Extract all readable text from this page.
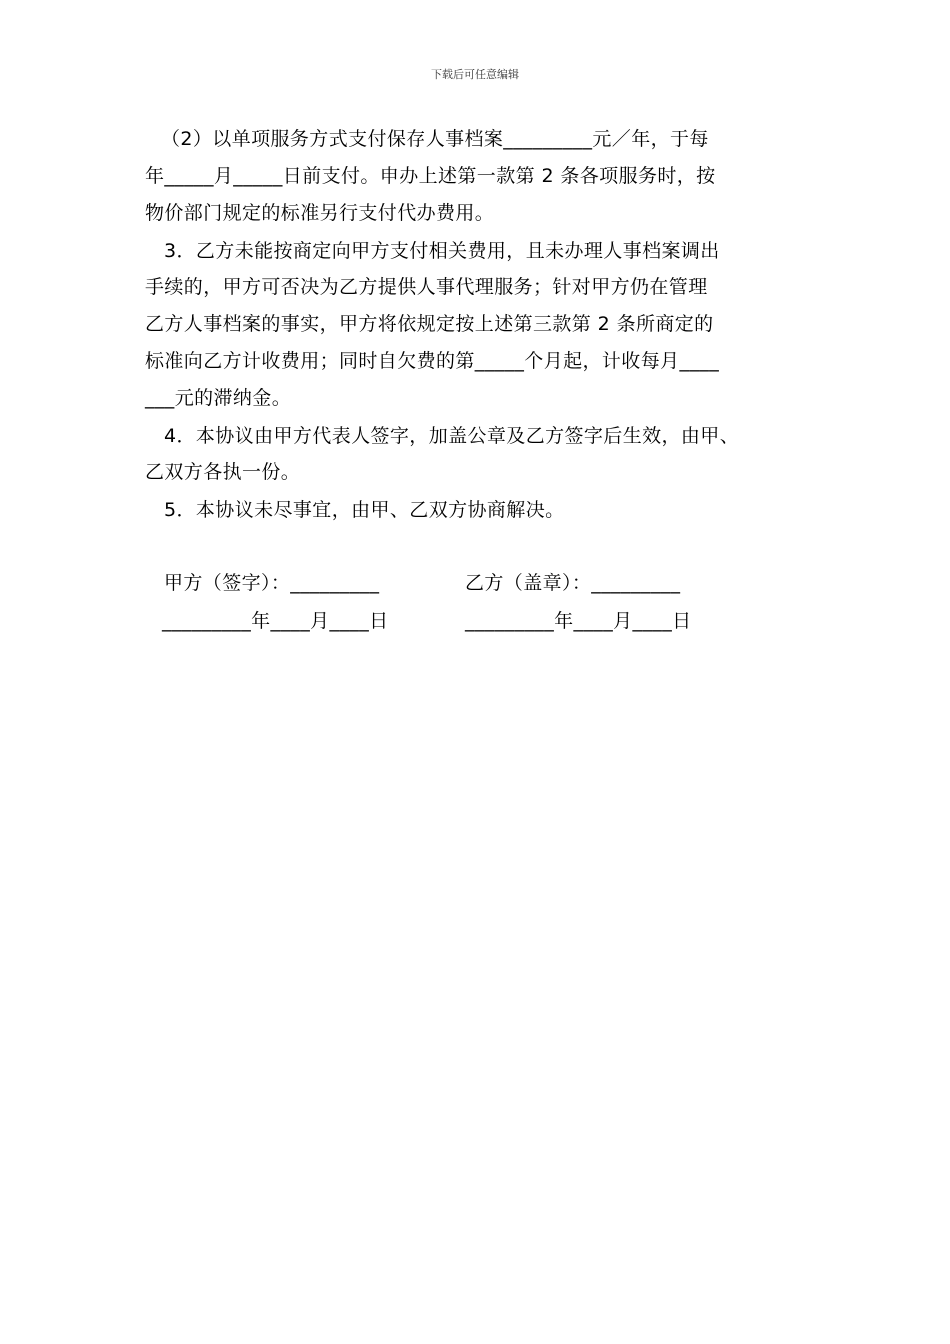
下载后可任意编辑
（2）以单项服务方式支付保存人事档案_________元／年，于每
年_____月_____日前支付。申办上述第一款第 2 条各项服务时，按
物价部门规定的标准另行支付代办费用。
3．乙方未能按商定向甲方支付相关费用，且未办理人事档案调出
手续的，甲方可否决为乙方提供人事代理服务；针对甲方仍在管理
乙方人事档案的事实，甲方将依规定按上述第三款第 2 条所商定的
标准向乙方计收费用；同时自欠费的第_____个月起，计收每月____
___元的滞纳金。
4．本协议由甲方代表人签字，加盖公章及乙方签字后生效，由甲、
乙双方各执一份。
5．本协议未尽事宜，由甲、乙双方协商解决。
甲方（签字）：_________	乙方（盖章）：_________
_________年____月____日	_________年____月____日
